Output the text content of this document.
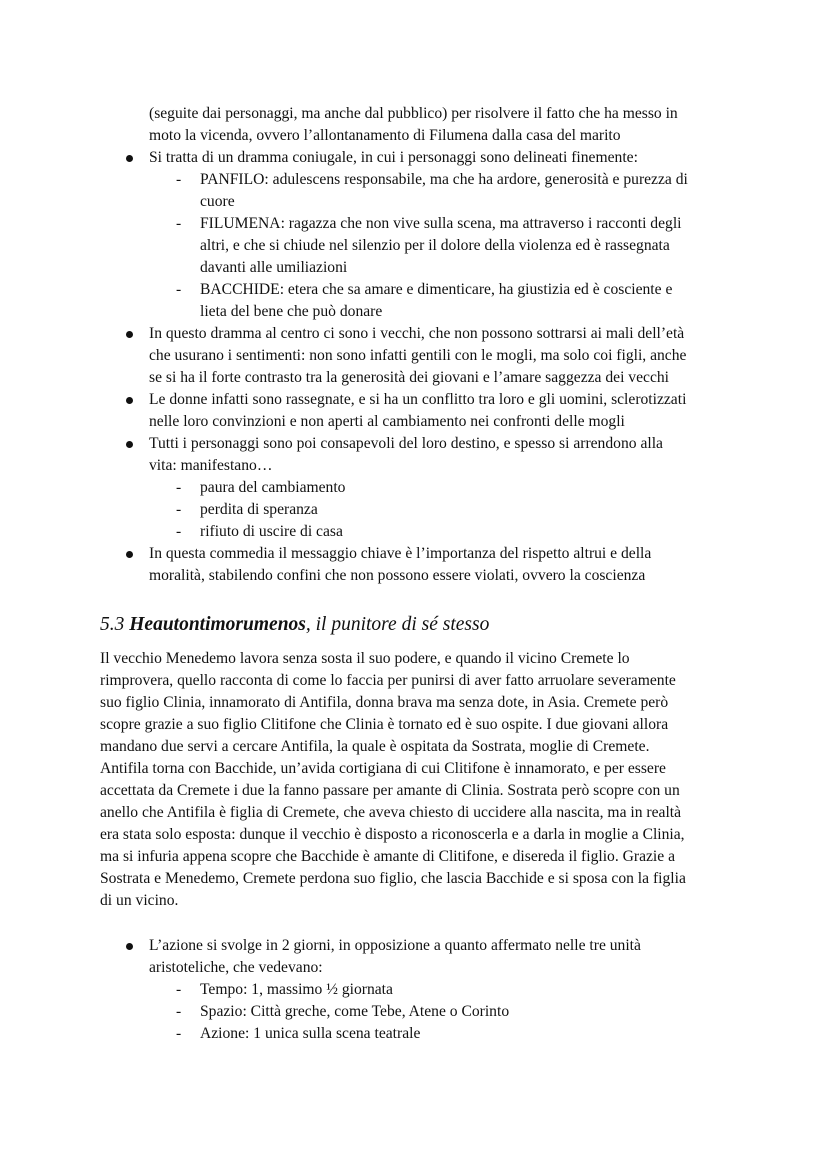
(seguite dai personaggi, ma anche dal pubblico) per risolvere il fatto che ha messo in
moto la vicenda, ovvero l’allontanamento di Filumena dalla casa del marito
Si tratta di un dramma coniugale, in cui i personaggi sono delineati finemente:
- PANFILO: adulescens responsabile, ma che ha ardore, generosità e purezza di
cuore
- FILUMENA: ragazza che non vive sulla scena, ma attraverso i racconti degli
altri, e che si chiude nel silenzio per il dolore della violenza ed è rassegnata
davanti alle umiliazioni
- BACCHIDE: etera che sa amare e dimenticare, ha giustizia ed è cosciente e
lieta del bene che può donare
In questo dramma al centro ci sono i vecchi, che non possono sottrarsi ai mali dell’età
che usurano i sentimenti: non sono infatti gentili con le mogli, ma solo coi figli, anche
se si ha il forte contrasto tra la generosità dei giovani e l’amare saggezza dei vecchi
Le donne infatti sono rassegnate, e si ha un conflitto tra loro e gli uomini, sclerotizzati
nelle loro convinzioni e non aperti al cambiamento nei confronti delle mogli
Tutti i personaggi sono poi consapevoli del loro destino, e spesso si arrendono alla
vita: manifestano…
- paura del cambiamento
- perdita di speranza
- rifiuto di uscire di casa
In questa commedia il messaggio chiave è l’importanza del rispetto altrui e della
moralità, stabilendo confini che non possono essere violati, ovvero la coscienza
5.3 Heautontimorumenos, il punitore di sé stesso
Il vecchio Menedemo lavora senza sosta il suo podere, e quando il vicino Cremete lo
rimprovera, quello racconta di come lo faccia per punirsi di aver fatto arruolare severamente
suo figlio Clinia, innamorato di Antifila, donna brava ma senza dote, in Asia. Cremete però
scopre grazie a suo figlio Clitifone che Clinia è tornato ed è suo ospite. I due giovani allora
mandano due servi a cercare Antifila, la quale è ospitata da Sostrata, moglie di Cremete.
Antifila torna con Bacchide, un’avida cortigiana di cui Clitifone è innamorato, e per essere
accettata da Cremete i due la fanno passare per amante di Clinia. Sostrata però scopre con un
anello che Antifila è figlia di Cremete, che aveva chiesto di uccidere alla nascita, ma in realtà
era stata solo esposta: dunque il vecchio è disposto a riconoscerla e a darla in moglie a Clinia,
ma si infuria appena scopre che Bacchide è amante di Clitifone, e disereda il figlio. Grazie a
Sostrata e Menedemo, Cremete perdona suo figlio, che lascia Bacchide e si sposa con la figlia
di un vicino.
L’azione si svolge in 2 giorni, in opposizione a quanto affermato nelle tre unità
aristoteliche, che vedevano:
- Tempo: 1, massimo ½ giornata
- Spazio: Città greche, come Tebe, Atene o Corinto
- Azione: 1 unica sulla scena teatrale
